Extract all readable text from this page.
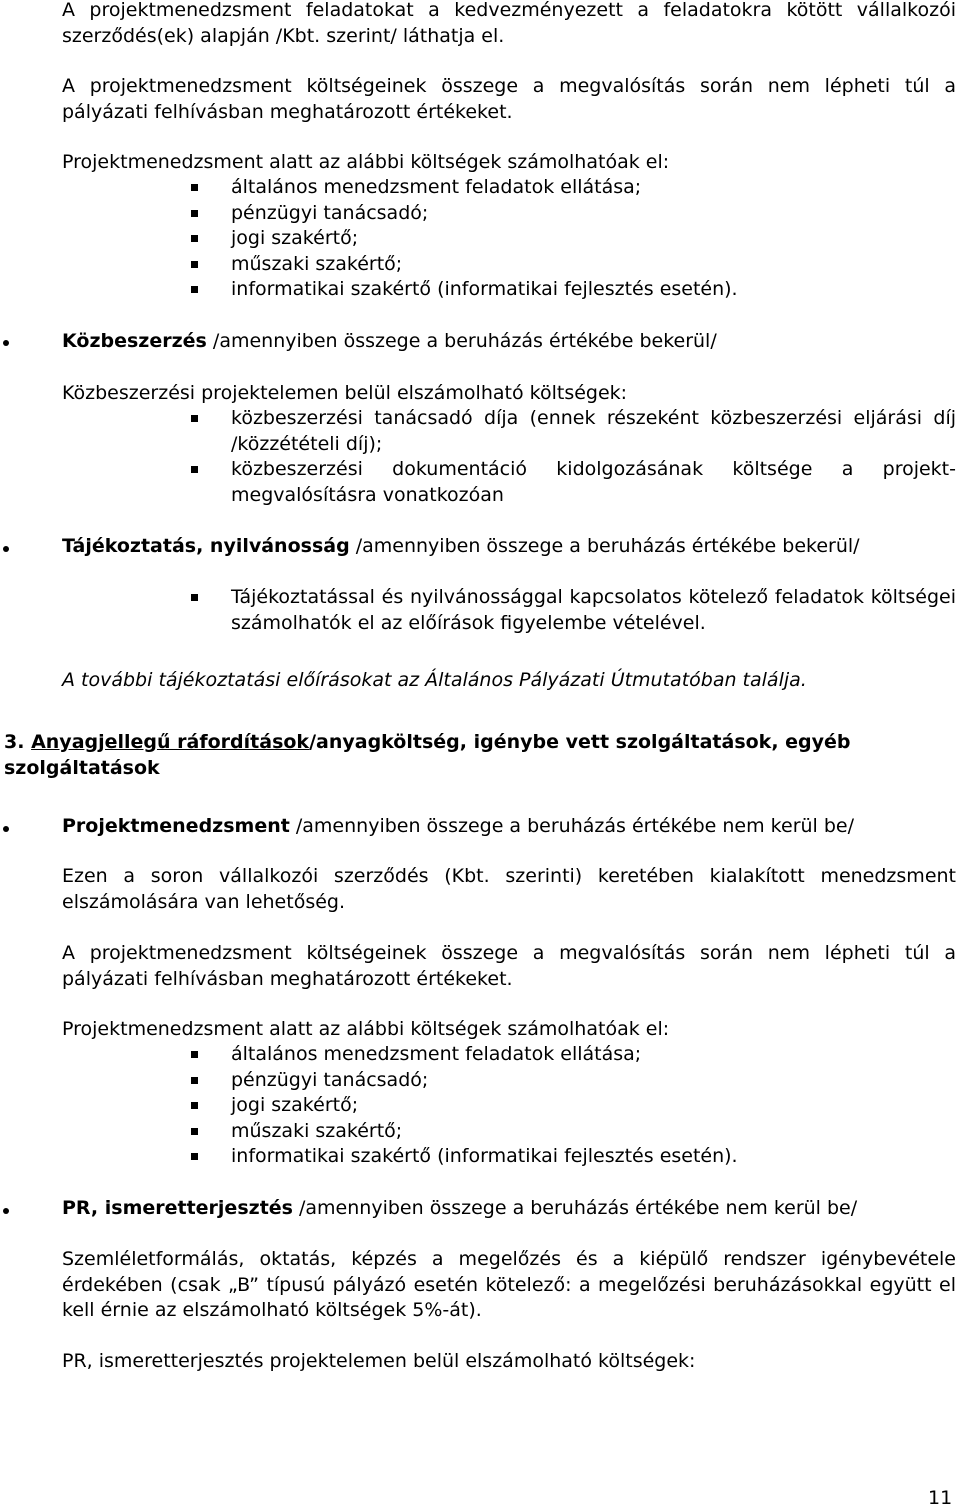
A projektmenedzsment feladatokat a kedvezményezett a feladatokra kötött vállalkozói szerződés(ek) alapján /Kbt. szerint/ láthatja el.

A projektmenedzsment költségeinek összege a megvalósítás során nem lépheti túl a pályázati felhívásban meghatározott értékeket.

Projektmenedzsment alatt az alábbi költségek számolhatóak el:

általános menedzsment feladatok ellátása;
pénzügyi tanácsadó;
jogi szakértő;
műszaki szakértő;
informatikai szakértő (informatikai fejlesztés esetén).

Közbeszerzés /amennyiben összege a beruházás értékébe bekerül/

Közbeszerzési projektelemen belül elszámolható költségek:

közbeszerzési tanácsadó díja (ennek részeként közbeszerzési eljárási díj /közzétételi díj);
közbeszerzési dokumentáció kidolgozásának költsége a projekt-megvalósításra vonatkozóan

Tájékoztatás, nyilvánosság /amennyiben összege a beruházás értékébe bekerül/

Tájékoztatással és nyilvánossággal kapcsolatos kötelező feladatok költségei számolhatók el az előírások figyelembe vételével.

A további tájékoztatási előírásokat az Általános Pályázati Útmutatóban találja.

3. Anyagjellegű ráfordítások/anyagköltség, igénybe vett szolgáltatások, egyéb szolgáltatások

Projektmenedzsment /amennyiben összege a beruházás értékébe nem kerül be/

Ezen a soron vállalkozói szerződés (Kbt. szerinti) keretében kialakított menedzsment elszámolására van lehetőség.

A projektmenedzsment költségeinek összege a megvalósítás során nem lépheti túl a pályázati felhívásban meghatározott értékeket.

Projektmenedzsment alatt az alábbi költségek számolhatóak el:

általános menedzsment feladatok ellátása;
pénzügyi tanácsadó;
jogi szakértő;
műszaki szakértő;
informatikai szakértő (informatikai fejlesztés esetén).

PR, ismeretterjesztés /amennyiben összege a beruházás értékébe nem kerül be/

Szemléletformálás, oktatás, képzés a megelőzés és a kiépülő rendszer igénybevétele érdekében (csak „B” típusú pályázó esetén kötelező: a megelőzési beruházásokkal együtt el kell érnie az elszámolható költségek 5%-át).

PR, ismeretterjesztés projektelemen belül elszámolható költségek:

11
